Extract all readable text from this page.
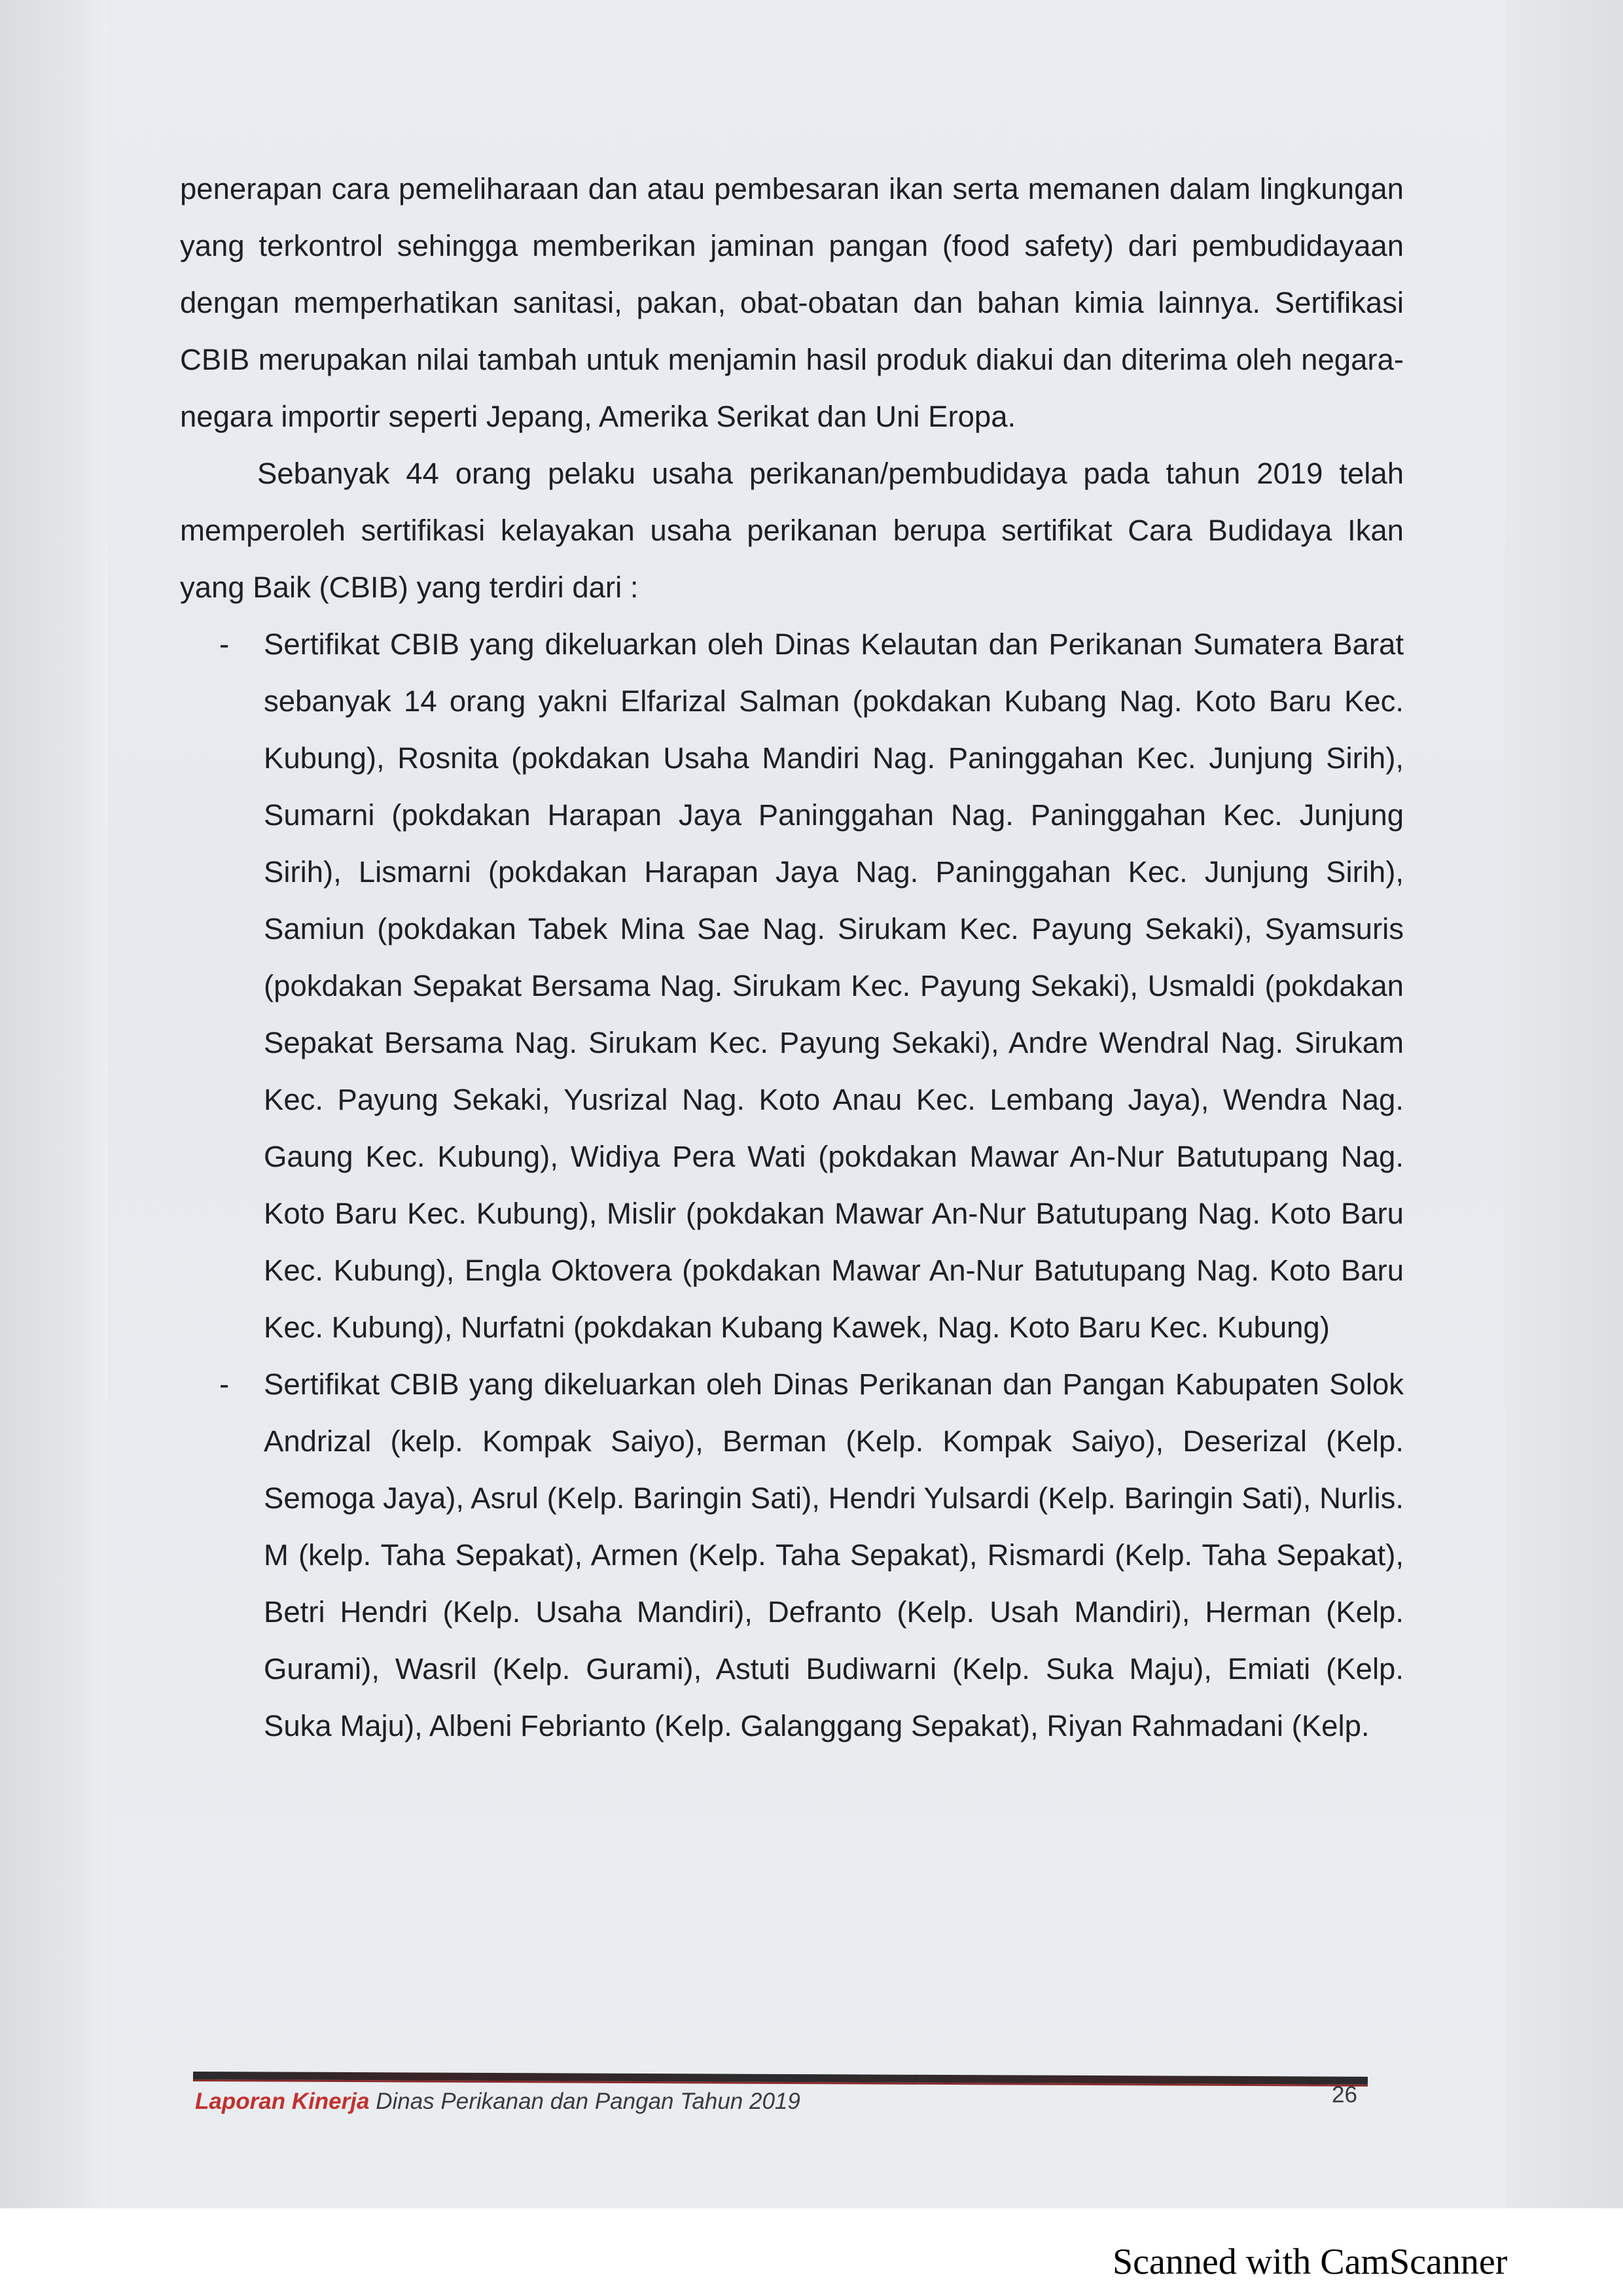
penerapan cara pemeliharaan dan atau pembesaran ikan serta memanen dalam lingkungan yang terkontrol sehingga memberikan jaminan pangan (food safety) dari pembudidayaan dengan memperhatikan sanitasi, pakan, obat-obatan dan bahan kimia lainnya. Sertifikasi CBIB merupakan nilai tambah untuk menjamin hasil produk diakui dan diterima oleh negara-negara importir seperti Jepang, Amerika Serikat dan Uni Eropa.

Sebanyak 44 orang pelaku usaha perikanan/pembudidaya pada tahun 2019 telah memperoleh sertifikasi kelayakan usaha perikanan berupa sertifikat Cara Budidaya Ikan yang Baik (CBIB) yang terdiri dari :

- Sertifikat CBIB yang dikeluarkan oleh Dinas Kelautan dan Perikanan Sumatera Barat sebanyak 14 orang yakni Elfarizal Salman (pokdakan Kubang Nag. Koto Baru Kec. Kubung), Rosnita (pokdakan Usaha Mandiri Nag. Paninggahan Kec. Junjung Sirih), Sumarni (pokdakan Harapan Jaya Paninggahan Nag. Paninggahan Kec. Junjung Sirih), Lismarni (pokdakan Harapan Jaya Nag. Paninggahan Kec. Junjung Sirih), Samiun (pokdakan Tabek Mina Sae Nag. Sirukam Kec. Payung Sekaki), Syamsuris (pokdakan Sepakat Bersama Nag. Sirukam Kec. Payung Sekaki), Usmaldi (pokdakan Sepakat Bersama Nag. Sirukam Kec. Payung Sekaki), Andre Wendral Nag. Sirukam Kec. Payung Sekaki, Yusrizal Nag. Koto Anau Kec. Lembang Jaya), Wendra Nag. Gaung Kec. Kubung), Widiya Pera Wati (pokdakan Mawar An-Nur Batutupang Nag. Koto Baru Kec. Kubung), Mislir (pokdakan Mawar An-Nur Batutupang Nag. Koto Baru Kec. Kubung), Engla Oktovera (pokdakan Mawar An-Nur Batutupang Nag. Koto Baru Kec. Kubung), Nurfatni (pokdakan Kubang Kawek, Nag. Koto Baru Kec. Kubung)
- Sertifikat CBIB yang dikeluarkan oleh Dinas Perikanan dan Pangan Kabupaten Solok Andrizal (kelp. Kompak Saiyo), Berman (Kelp. Kompak Saiyo), Deserizal (Kelp. Semoga Jaya), Asrul (Kelp. Baringin Sati), Hendri Yulsardi (Kelp. Baringin Sati), Nurlis. M (kelp. Taha Sepakat), Armen (Kelp. Taha Sepakat), Rismardi (Kelp. Taha Sepakat), Betri Hendri (Kelp. Usaha Mandiri), Defranto (Kelp. Usah Mandiri), Herman (Kelp. Gurami), Wasril (Kelp. Gurami), Astuti Budiwarni (Kelp. Suka Maju), Emiati (Kelp. Suka Maju), Albeni Febrianto (Kelp. Galanggang Sepakat), Riyan Rahmadani (Kelp.
Laporan Kinerja Dinas Perikanan dan Pangan Tahun 2019	26
Scanned with CamScanner
